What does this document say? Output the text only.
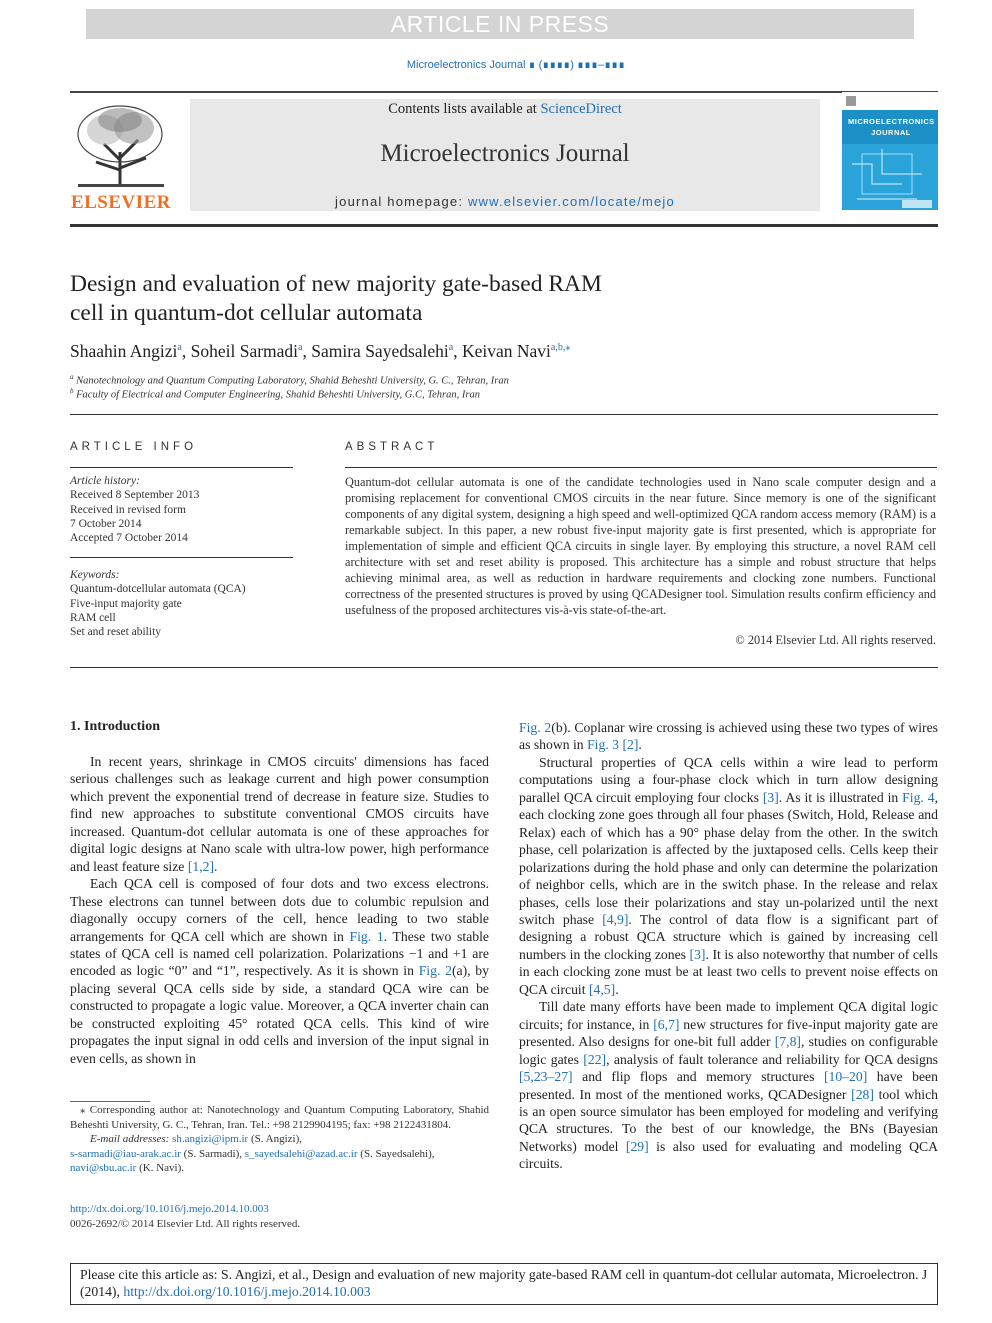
ARTICLE IN PRESS
Microelectronics Journal ∎ (∎∎∎∎) ∎∎∎–∎∎∎
ELSEVIER
Contents lists available at ScienceDirect
Microelectronics Journal
journal homepage: www.elsevier.com/locate/mejo
MICROELECTRONICS
JOURNAL
Design and evaluation of new majority gate-based RAM
cell in quantum-dot cellular automata
Shaahin Angizi$^a$, Soheil Sarmadi$^a$, Samira Sayedsalehi$^a$, Keivan Navi$^{a,b,⁎}$
$^a$ Nanotechnology and Quantum Computing Laboratory, Shahid Beheshti University, G. C., Tehran, Iran
$^b$ Faculty of Electrical and Computer Engineering, Shahid Beheshti University, G.C, Tehran, Iran
ARTICLE INFO
Article history:
Received 8 September 2013
Received in revised form
7 October 2014
Accepted 7 October 2014
Keywords:
Quantum-dotcellular automata (QCA)
Five-input majority gate
RAM cell
Set and reset ability
ABSTRACT
Quantum-dot cellular automata is one of the candidate technologies used in Nano scale computer design and a promising replacement for conventional CMOS circuits in the near future. Since memory is one of the significant components of any digital system, designing a high speed and well-optimized QCA random access memory (RAM) is a remarkable subject. In this paper, a new robust five-input majority gate is first presented, which is appropriate for implementation of simple and efficient QCA circuits in single layer. By employing this structure, a novel RAM cell architecture with set and reset ability is proposed. This architecture has a simple and robust structure that helps achieving minimal area, as well as reduction in hardware requirements and clocking zone numbers. Functional correctness of the presented structures is proved by using QCADesigner tool. Simulation results confirm efficiency and usefulness of the proposed architectures vis-à-vis state-of-the-art.
© 2014 Elsevier Ltd. All rights reserved.
1. Introduction

In recent years, shrinkage in CMOS circuits' dimensions has faced serious challenges such as leakage current and high power consumption which prevent the exponential trend of decrease in feature size. Studies to find new approaches to substitute conventional CMOS circuits have increased. Quantum-dot cellular automata is one of these approaches for digital logic designs at Nano scale with ultra-low power, high performance and least feature size [1,2].

Each QCA cell is composed of four dots and two excess electrons. These electrons can tunnel between dots due to columbic repulsion and diagonally occupy corners of the cell, hence leading to two stable arrangements for QCA cell which are shown in Fig. 1. These two stable states of QCA cell is named cell polarization. Polarizations −1 and +1 are encoded as logic “0” and “1”, respectively. As it is shown in Fig. 2(a), by placing several QCA cells side by side, a standard QCA wire can be constructed to propagate a logic value. Moreover, a QCA inverter chain can be constructed exploiting 45° rotated QCA cells. This kind of wire propagates the input signal in odd cells and inversion of the input signal in even cells, as shown in

Fig. 2(b). Coplanar wire crossing is achieved using these two types of wires as shown in Fig. 3 [2].

Structural properties of QCA cells within a wire lead to perform computations using a four-phase clock which in turn allow designing parallel QCA circuit employing four clocks [3]. As it is illustrated in Fig. 4, each clocking zone goes through all four phases (Switch, Hold, Release and Relax) each of which has a 90° phase delay from the other. In the switch phase, cell polarization is affected by the juxtaposed cells. Cells keep their polarizations during the hold phase and only can determine the polarization of neighbor cells, which are in the switch phase. In the release and relax phases, cells lose their polarizations and stay un-polarized until the next switch phase [4,9]. The control of data flow is a significant part of designing a robust QCA structure which is gained by increasing cell numbers in the clocking zones [3]. It is also noteworthy that number of cells in each clocking zone must be at least two cells to prevent noise effects on QCA circuit [4,5].

Till date many efforts have been made to implement QCA digital logic circuits; for instance, in [6,7] new structures for five-input majority gate are presented. Also designs for one-bit full adder [7,8], studies on configurable logic gates [22], analysis of fault tolerance and reliability for QCA designs [5,23–27] and flip flops and memory structures [10–20] have been presented. In most of the mentioned works, QCADesigner [28] tool which is an open source simulator has been employed for modeling and verifying QCA structures. To the best of our knowledge, the BNs (Bayesian Networks) model [29] is also used for evaluating and modeling QCA circuits.

⁎ Corresponding author at: Nanotechnology and Quantum Computing Laboratory, Shahid Beheshti University, G. C., Tehran, Iran. Tel.: +98 2129904195; fax: +98 2122431804.
E-mail addresses: sh.angizi@ipm.ir (S. Angizi),
s-sarmadi@iau-arak.ac.ir (S. Sarmadi), s_sayedsalehi@azad.ac.ir (S. Sayedsalehi),
navi@sbu.ac.ir (K. Navi).
http://dx.doi.org/10.1016/j.mejo.2014.10.003
0026-2692/© 2014 Elsevier Ltd. All rights reserved.
Please cite this article as: S. Angizi, et al., Design and evaluation of new majority gate-based RAM cell in quantum-dot cellular automata, Microelectron. J (2014), http://dx.doi.org/10.1016/j.mejo.2014.10.003
